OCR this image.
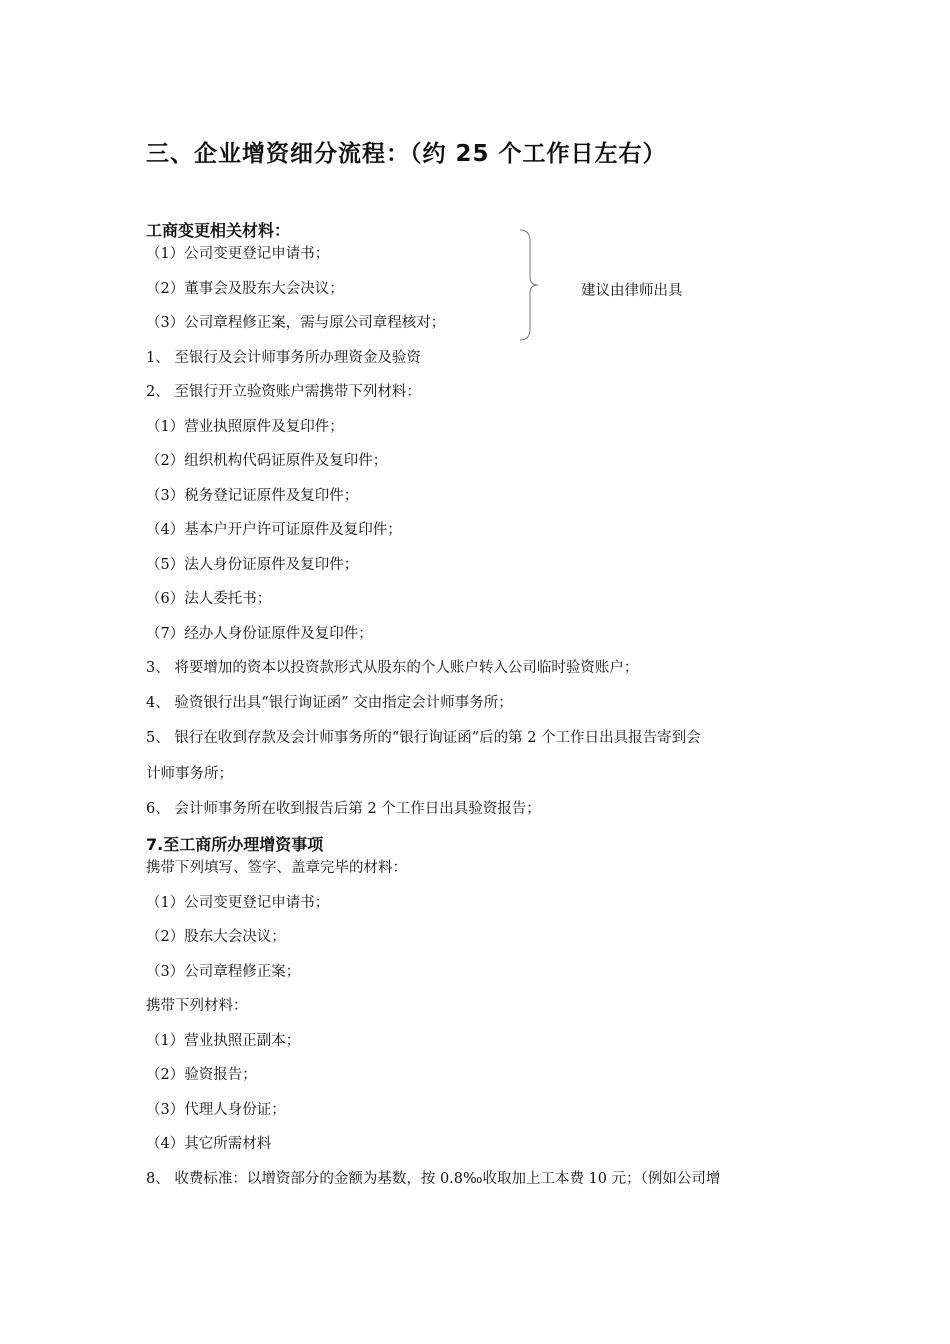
三、企业增资细分流程：（约 25 个工作日左右）
工商变更相关材料：
（1）公司变更登记申请书；
（2）董事会及股东大会决议；
（3）公司章程修正案，需与原公司章程核对；
建议由律师出具
1、 至银行及会计师事务所办理资金及验资
2、 至银行开立验资账户需携带下列材料：
（1）营业执照原件及复印件；
（2）组织机构代码证原件及复印件；
（3）税务登记证原件及复印件；
（4）基本户开户许可证原件及复印件；
（5）法人身份证原件及复印件；
（6）法人委托书；
（7）经办人身份证原件及复印件；
3、 将要增加的资本以投资款形式从股东的个人账户转入公司临时验资账户；
4、 验资银行出具“银行询证函” 交由指定会计师事务所；
5、 银行在收到存款及会计师事务所的“银行询证函”后的第 2 个工作日出具报告寄到会
计师事务所；
6、 会计师事务所在收到报告后第 2 个工作日出具验资报告；
7.至工商所办理增资事项
携带下列填写、签字、盖章完毕的材料：
（1）公司变更登记申请书；
（2）股东大会决议；
（3）公司章程修正案；
携带下列材料：
（1）营业执照正副本；
（2）验资报告；
（3）代理人身份证；
（4）其它所需材料
8、 收费标准：以增资部分的金额为基数，按 0.8‰收取加上工本费 10 元；（例如公司增
